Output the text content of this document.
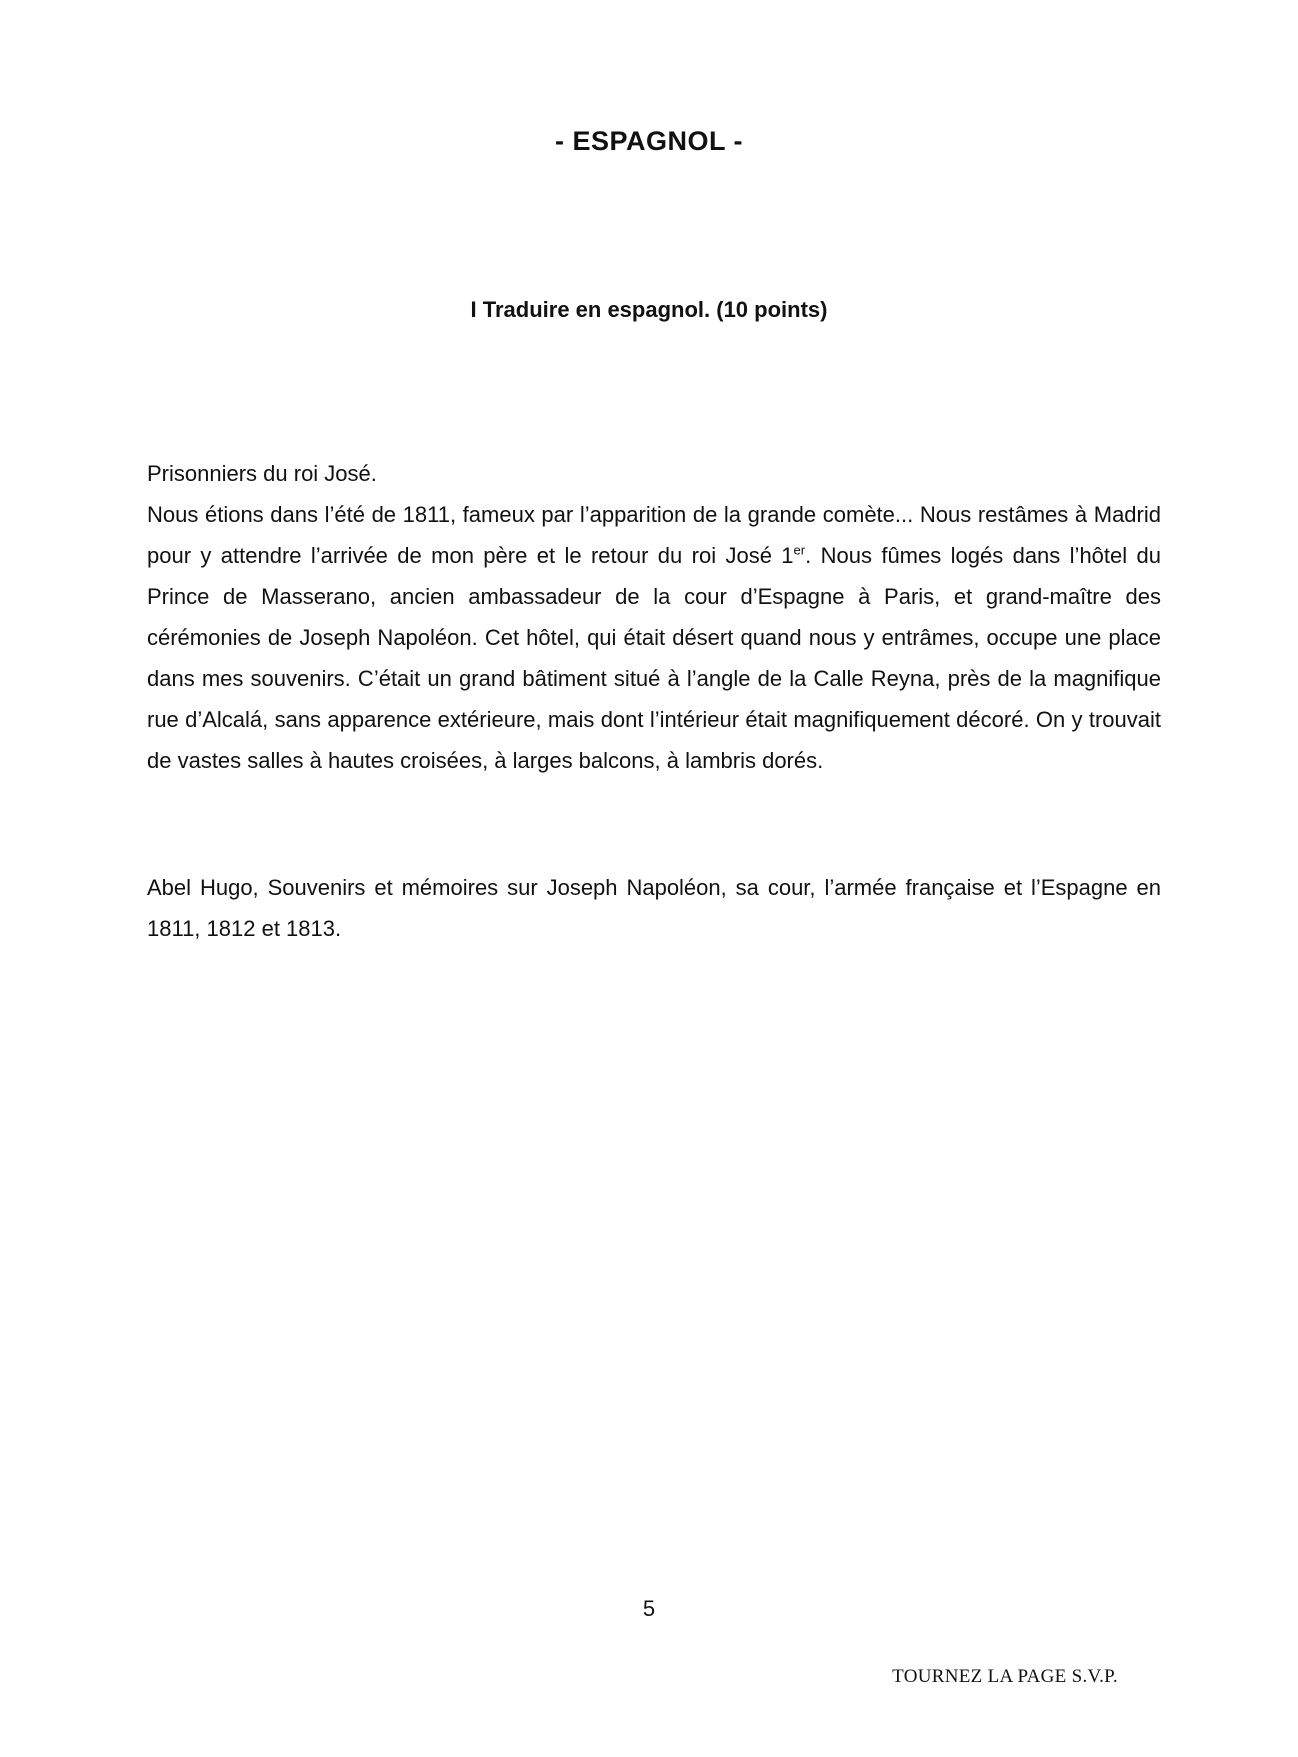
- ESPAGNOL -
I Traduire en espagnol. (10 points)

Prisonniers du roi José.

Nous étions dans l’été de 1811, fameux par l’apparition de la grande comète... Nous restâmes à Madrid pour y attendre l’arrivée de mon père et le retour du roi José 1er. Nous fûmes logés dans l’hôtel du Prince de Masserano, ancien ambassadeur de la cour d’Espagne à Paris, et grand-maître des cérémonies de Joseph Napoléon. Cet hôtel, qui était désert quand nous y entrâmes, occupe une place dans mes souvenirs. C’était un grand bâtiment situé à l’angle de la Calle Reyna, près de la magnifique rue d’Alcalá, sans apparence extérieure, mais dont l’intérieur était magnifiquement décoré. On y trouvait de vastes salles à hautes croisées, à larges balcons, à lambris dorés.

Abel Hugo, Souvenirs et mémoires sur Joseph Napoléon, sa cour, l’armée française et l’Espagne en 1811, 1812 et 1813.

5
TOURNEZ LA PAGE S.V.P.
